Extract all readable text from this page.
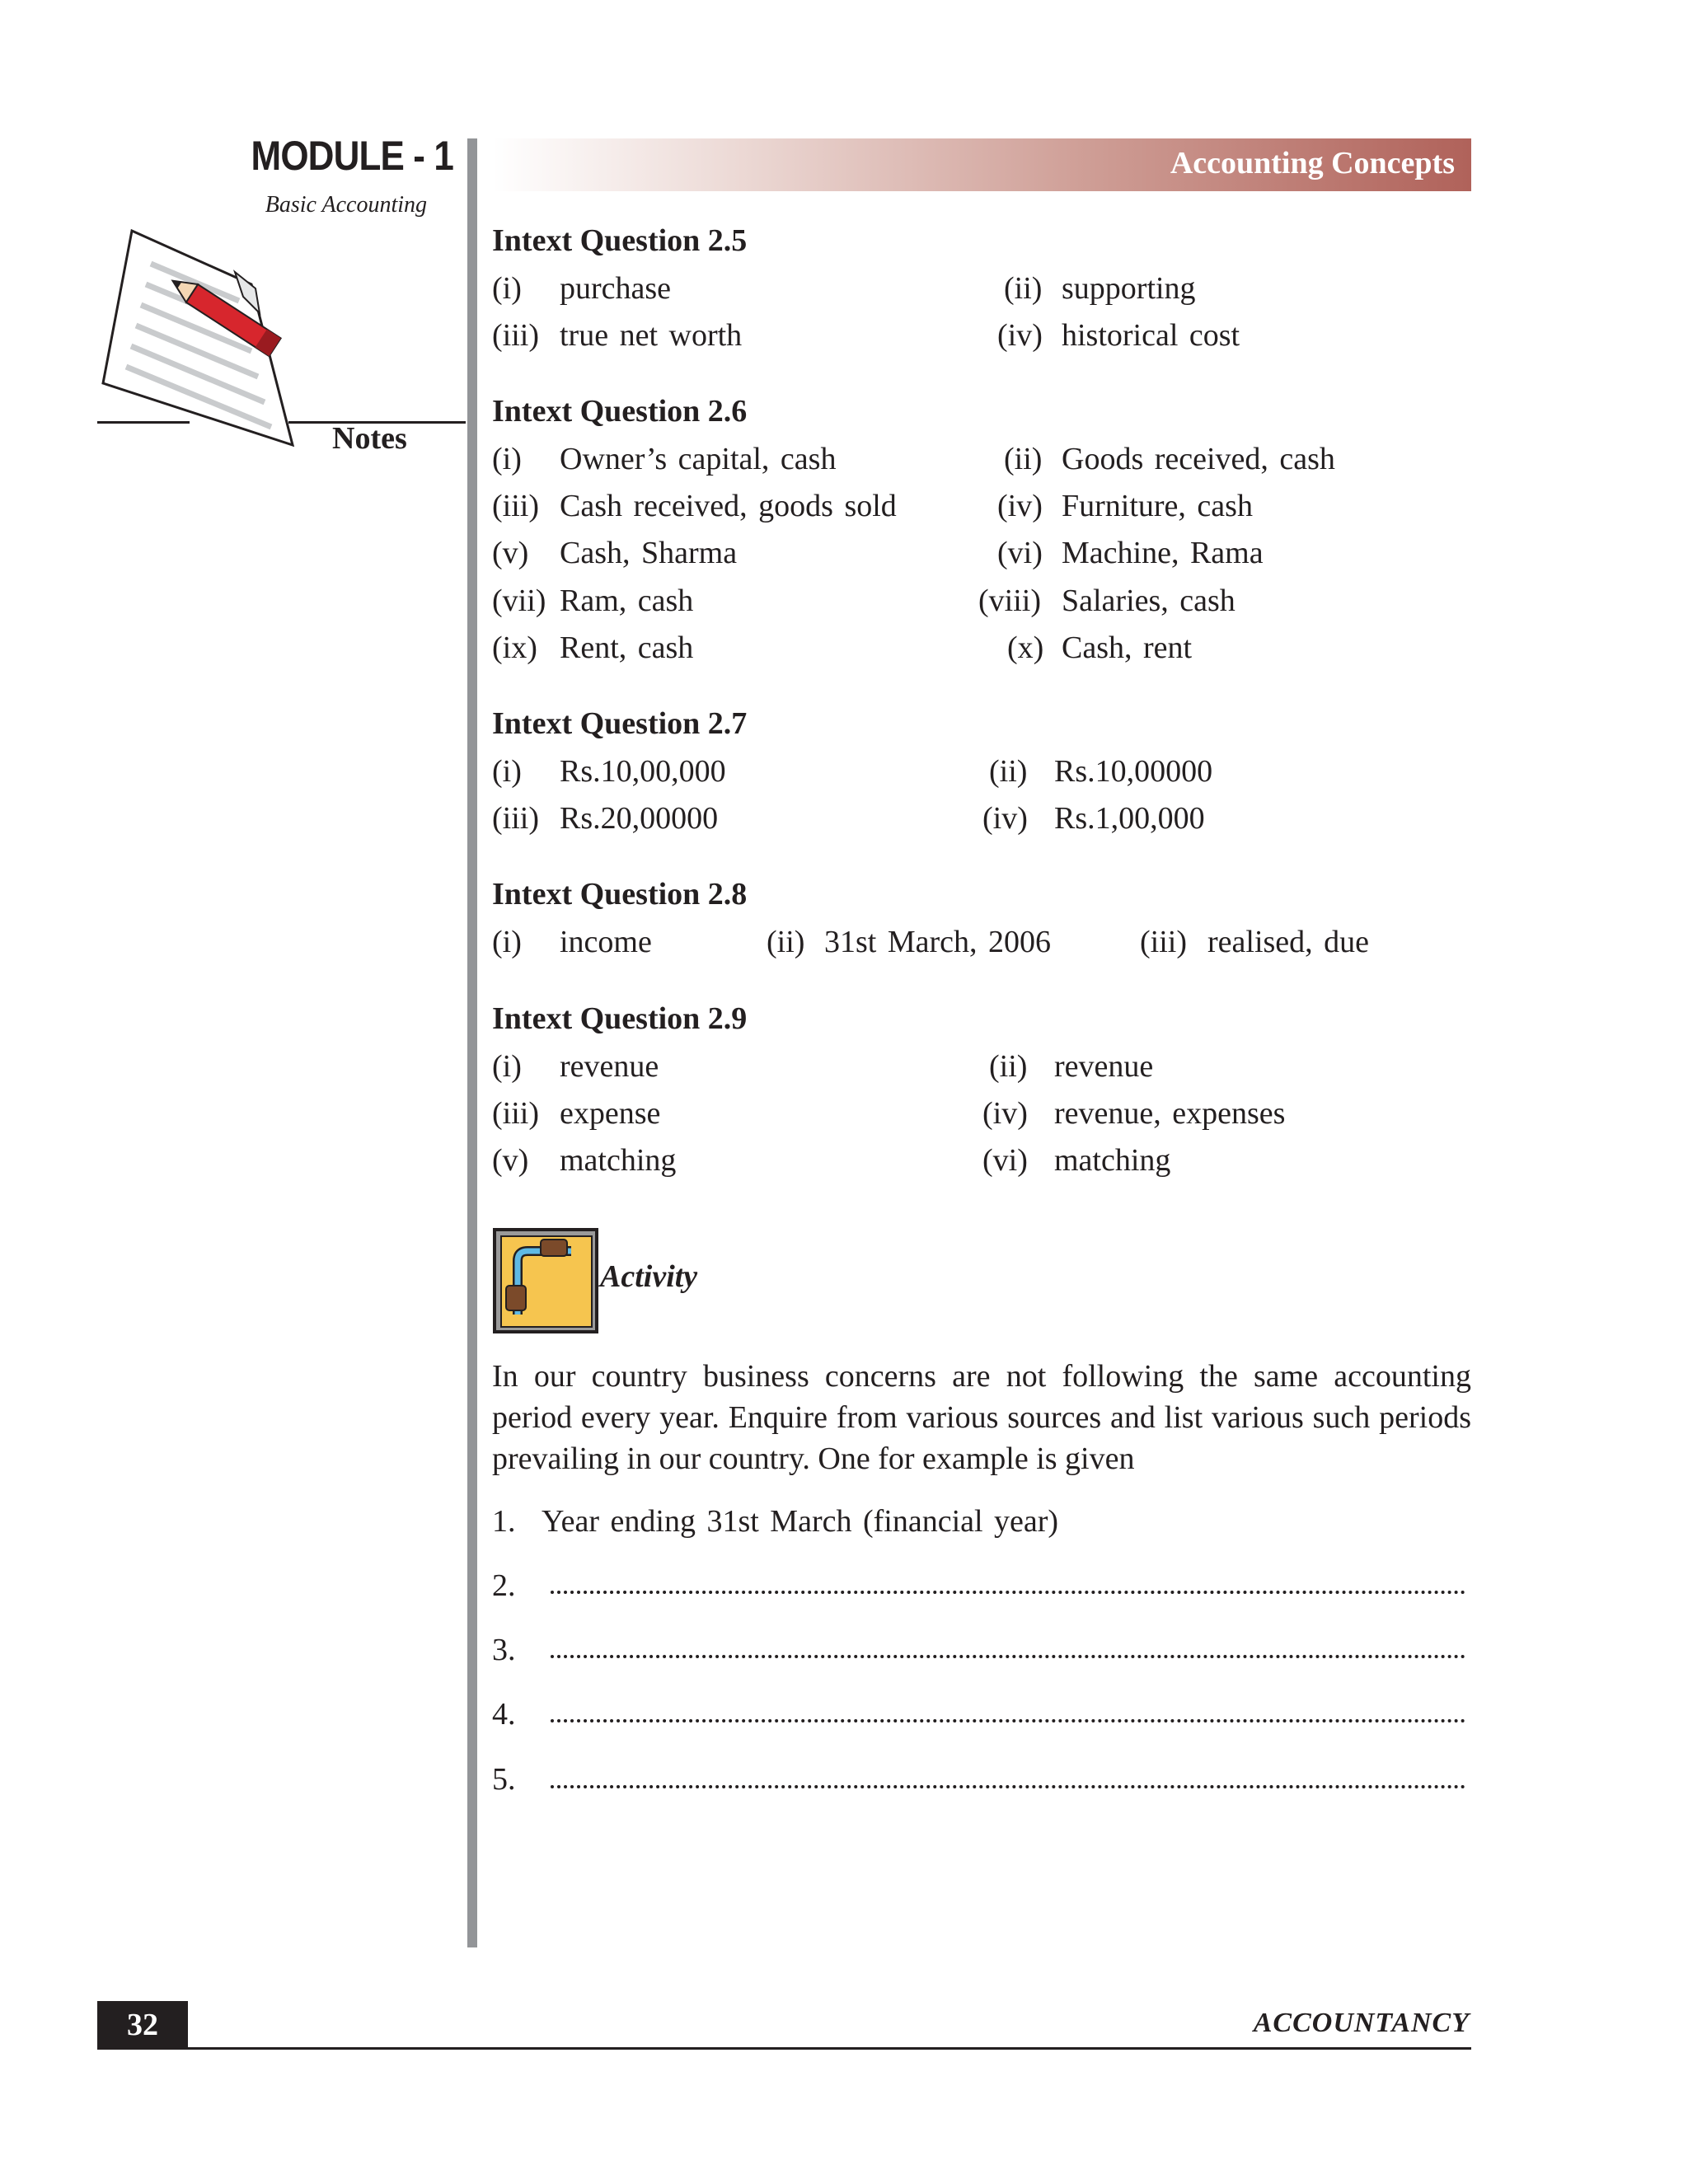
MODULE - 1
Basic Accounting
Notes
Accounting Concepts
Intext Question 2.5
(i) purchase	(ii) supporting
(iii) true net worth	(iv) historical cost
Intext Question 2.6
(i) Owner’s capital, cash	(ii) Goods received, cash
(iii) Cash received, goods sold	(iv) Furniture, cash
(v) Cash, Sharma	(vi) Machine, Rama
(vii) Ram, cash	(viii) Salaries, cash
(ix) Rent, cash	(x) Cash, rent
Intext Question 2.7
(i) Rs.10,00,000	(ii) Rs.10,00000
(iii) Rs.20,00000	(iv) Rs.1,00,000
Intext Question 2.8
(i) income	(ii) 31st March, 2006	(iii) realised, due
Intext Question 2.9
(i) revenue	(ii) revenue
(iii) expense	(iv) revenue, expenses
(v) matching	(vi) matching
Activity
In our country business concerns are not following the same accounting period every year. Enquire from various sources and list various such periods prevailing in our country. One for example is given
1. Year ending 31st March (financial year)
2.
3.
4.
5.
32	ACCOUNTANCY
